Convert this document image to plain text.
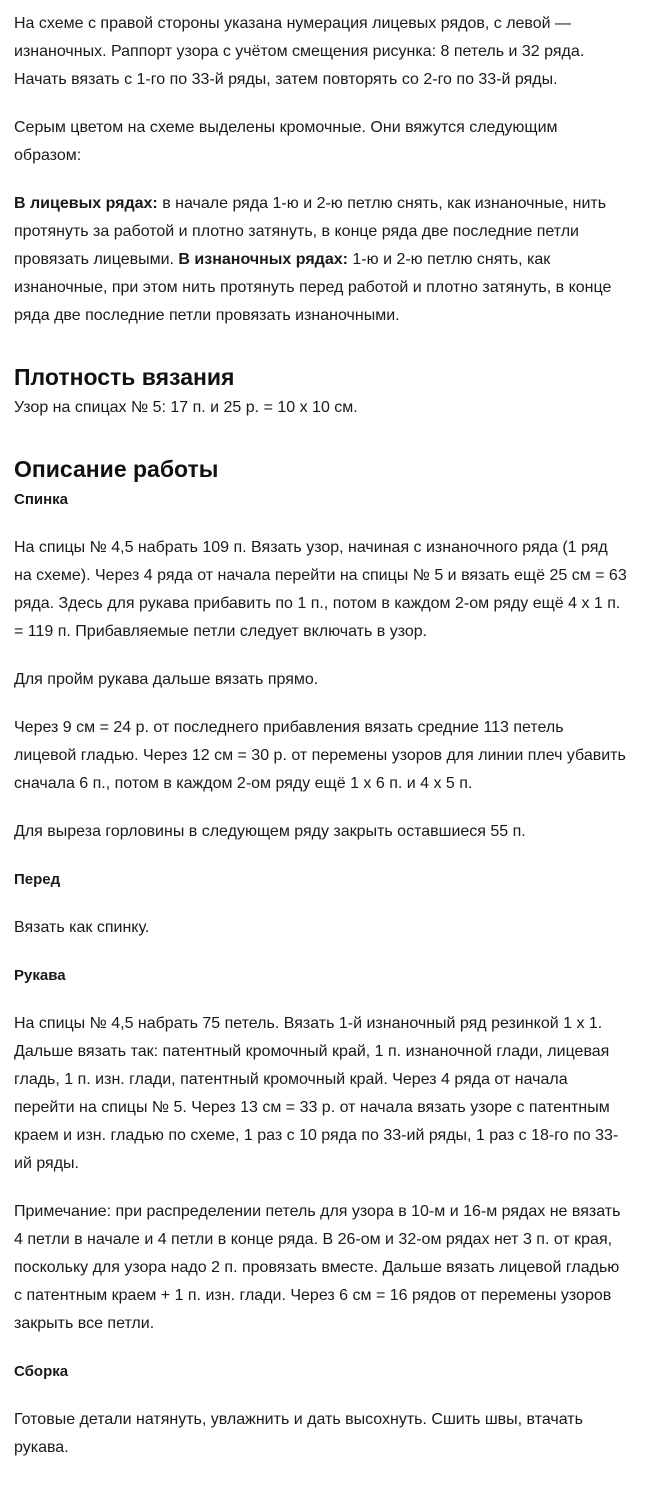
На схеме с правой стороны указана нумерация лицевых рядов, с левой — изнаночных. Раппорт узора с учётом смещения рисунка: 8 петель и 32 ряда. Начать вязать с 1-го по 33-й ряды, затем повторять со 2-го по 33-й ряды.

Серым цветом на схеме выделены кромочные. Они вяжутся следующим образом:

В лицевых рядах: в начале ряда 1-ю и 2-ю петлю снять, как изнаночные, нить протянуть за работой и плотно затянуть, в конце ряда две последние петли провязать лицевыми. В изнаночных рядах: 1-ю и 2-ю петлю снять, как изнаночные, при этом нить протянуть перед работой и плотно затянуть, в конце ряда две последние петли провязать изнаночными.

Плотность вязания

Узор на спицах № 5: 17 п. и 25 р. = 10 х 10 см.

Описание работы
Спинка

На спицы № 4,5 набрать 109 п. Вязать узор, начиная с изнаночного ряда (1 ряд на схеме). Через 4 ряда от начала перейти на спицы № 5 и вязать ещё 25 см = 63 ряда. Здесь для рукава прибавить по 1 п., потом в каждом 2-ом ряду ещё 4 х 1 п. = 119 п. Прибавляемые петли следует включать в узор.

Для пройм рукава дальше вязать прямо.

Через 9 см = 24 р. от последнего прибавления вязать средние 113 петель лицевой гладью. Через 12 см = 30 р. от перемены узоров для линии плеч убавить сначала 6 п., потом в каждом 2-ом ряду ещё 1 х 6 п. и 4 х 5 п.

Для выреза горловины в следующем ряду закрыть оставшиеся 55 п.

Перед

Вязать как спинку.

Рукава

На спицы № 4,5 набрать 75 петель. Вязать 1-й изнаночный ряд резинкой 1 х 1. Дальше вязать так: патентный кромочный край, 1 п. изнаночной глади, лицевая гладь, 1 п. изн. глади, патентный кромочный край. Через 4 ряда от начала перейти на спицы № 5. Через 13 см = 33 р. от начала вязать узоре с патентным краем и изн. гладью по схеме, 1 раз с 10 ряда по 33-ий ряды, 1 раз с 18-го по 33-ий ряды.

Примечание: при распределении петель для узора в 10-м и 16-м рядах не вязать 4 петли в начале и 4 петли в конце ряда. В 26-ом и 32-ом рядах нет 3 п. от края, поскольку для узора надо 2 п. провязать вместе. Дальше вязать лицевой гладью с патентным краем + 1 п. изн. глади. Через 6 см = 16 рядов от перемены узоров закрыть все петли.

Сборка

Готовые детали натянуть, увлажнить и дать высохнуть. Сшить швы, втачать рукава.
